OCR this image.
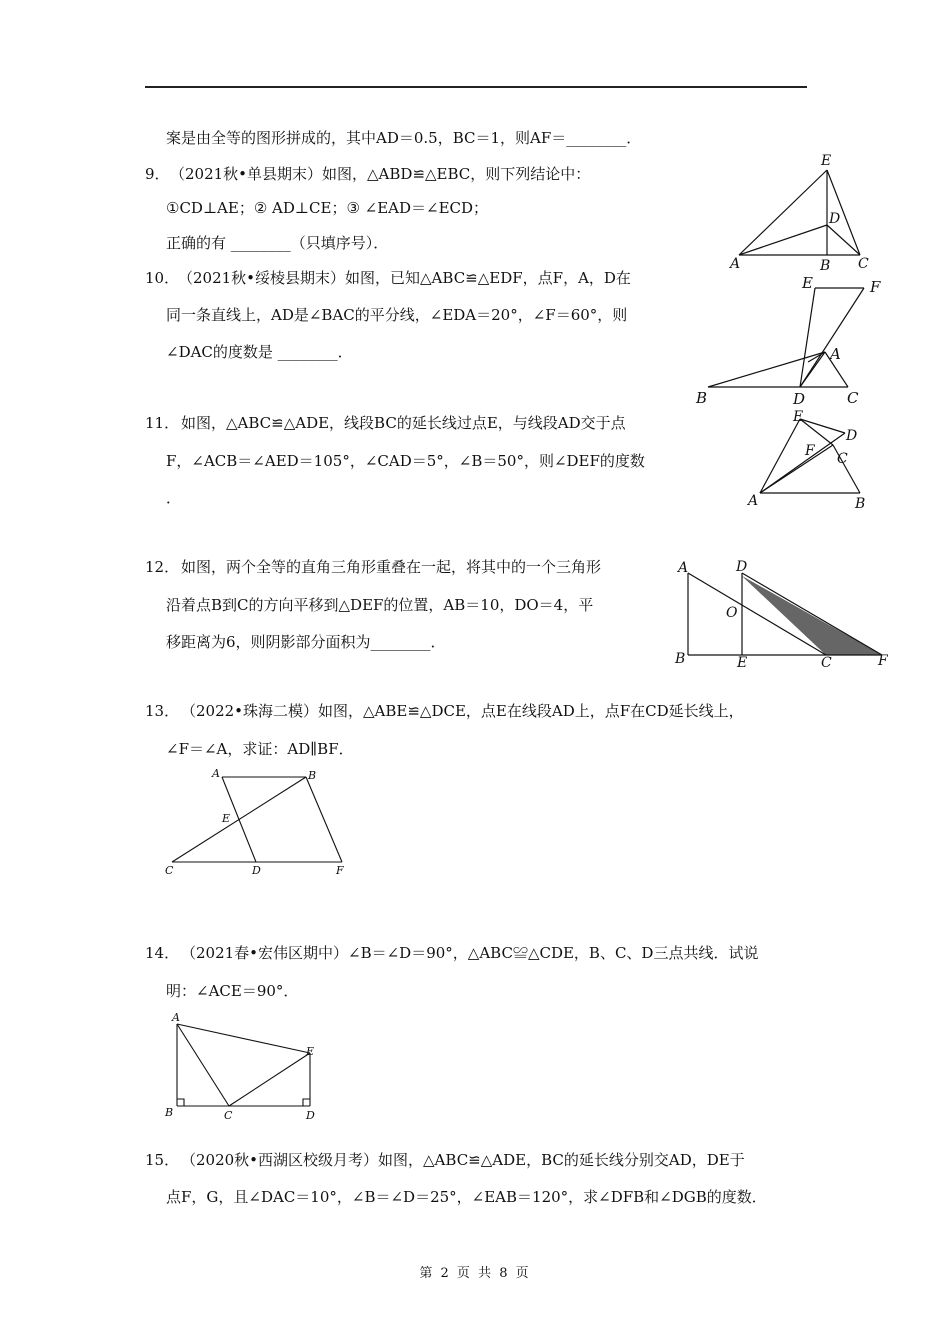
案是由全等的图形拼成的，其中AD＝0.5，BC＝1，则AF＝________．
9． （2021秋•单县期末）如图，△ABD≌△EBC，则下列结论中：
①CD⊥AE；② AD⊥CE；③ ∠EAD＝∠ECD；
正确的有 ________（只填序号）．
E
D
A	B C
10．
（2021秋•绥棱县期末）如图，已知△ABC≌△EDF，点F，A，D在
同一条直线上，AD是∠BAC的平分线，∠EDA＝20°，∠F＝60°，则
∠DAC的度数是 ________．
E	F
A
B	D	C
11． 如图，△ABC≌△ADE，线段BC的延长线过点E，与线段AD交于点
F，∠ACB＝∠AED＝105°，∠CAD＝5°，∠B＝50°，则∠DEF的度数
．
E
D
F C
A	B
12． 如图，两个全等的直角三角形重叠在一起，将其中的一个三角形
沿着点B到C的方向平移到△DEF的位置，AB＝10，DO＝4，平
移距离为6，则阴影部分面积为________．
A	D
O
B	E	C	F
13． （2022•珠海二模）如图，△ABE≌△DCE，点E在线段AD上，点F在CD延长线上，
∠F＝∠A，求证：AD∥BF．
A	B
E
C	D	F
14． （2021春•宏伟区期中）∠B＝∠D＝90°，△ABC≌△CDE，B、C、D三点共线．试说
明：∠ACE＝90°．
A
E
B	C	D
15． （2020秋•西湖区校级月考）如图，△ABC≌△ADE，BC的延长线分别交AD，DE于
点F，G，且∠DAC＝10°，∠B＝∠D＝25°，∠EAB＝120°，求∠DFB和∠DGB的度数．
第 2 页 共 8 页
